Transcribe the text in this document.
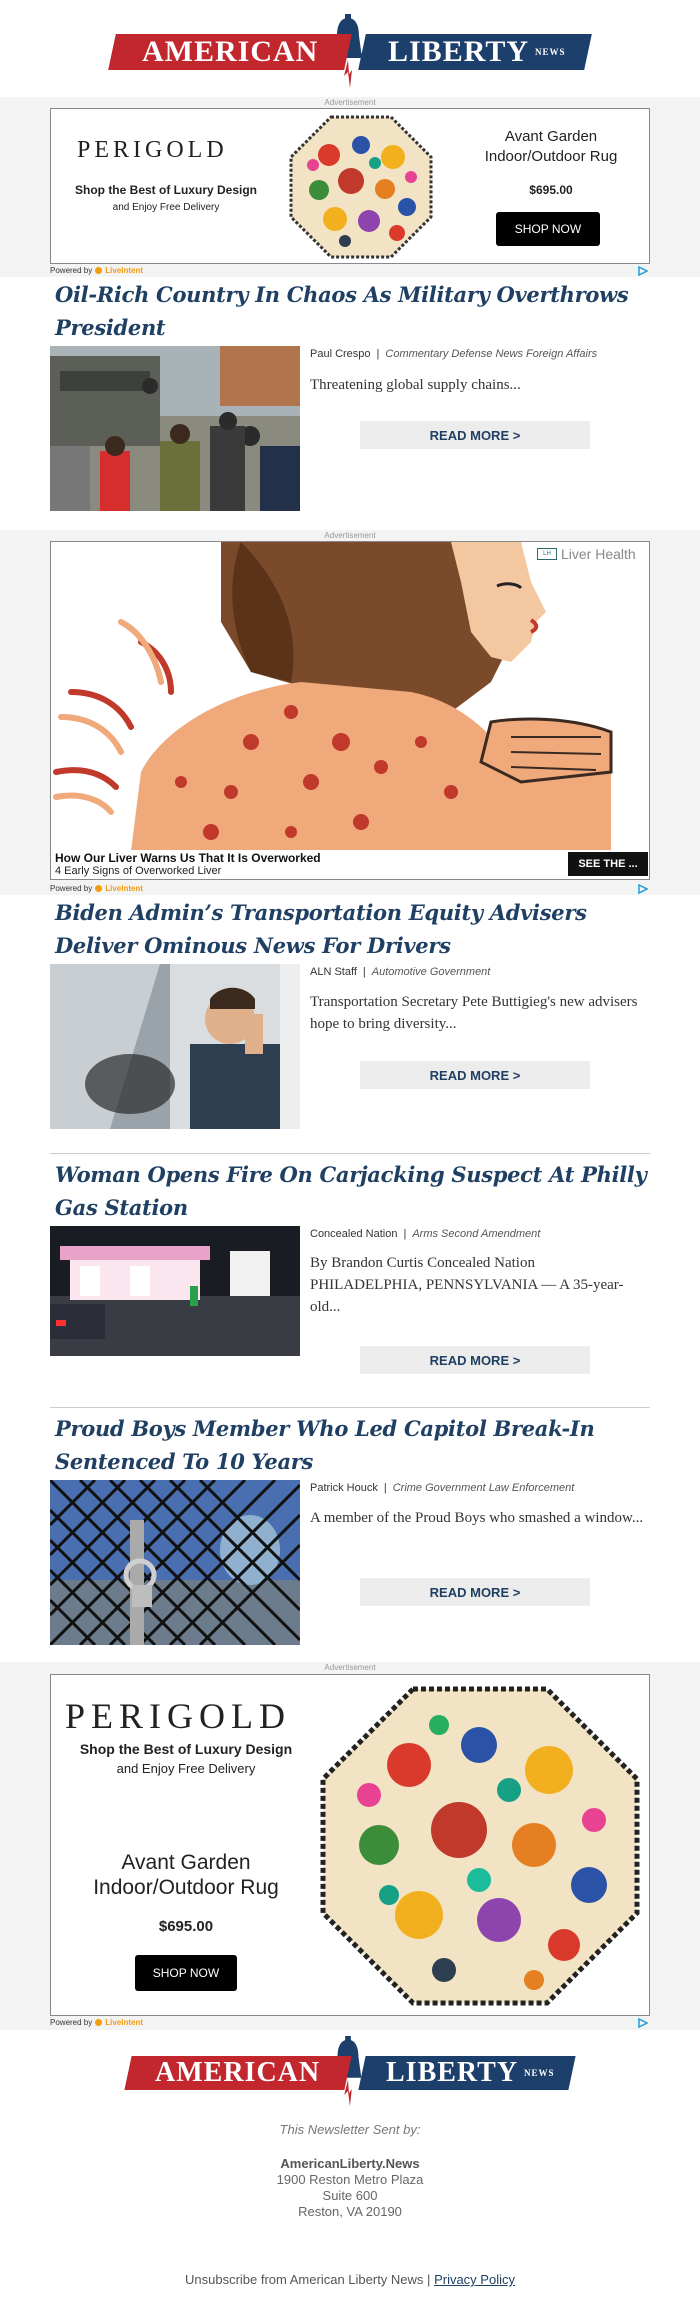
AMERICAN LIBERTY NEWS
Advertisement
PERIGOLD
Shop the Best of Luxury Design
and Enjoy Free Delivery
Avant Garden Indoor/Outdoor Rug
$695.00
SHOP NOW
Powered by LiveIntent
Oil-Rich Country In Chaos As Military Overthrows President
Paul Crespo | Commentary Defense News Foreign Affairs
Threatening global supply chains...
READ MORE >
Advertisement
LH Liver Health
How Our Liver Warns Us That It Is Overworked
4 Early Signs of Overworked Liver
SEE THE ...
Powered by LiveIntent
Biden Admin’s Transportation Equity Advisers Deliver Ominous News For Drivers
ALN Staff | Automotive Government
Transportation Secretary Pete Buttigieg's new advisers hope to bring diversity...
READ MORE >
Woman Opens Fire On Carjacking Suspect At Philly Gas Station
Concealed Nation | Arms Second Amendment
By Brandon Curtis Concealed Nation PHILADELPHIA, PENNSYLVANIA — A 35-year-old...
READ MORE >
Proud Boys Member Who Led Capitol Break-In Sentenced To 10 Years
Patrick Houck | Crime Government Law Enforcement
A member of the Proud Boys who smashed a window...
READ MORE >
Advertisement
PERIGOLD
Shop the Best of Luxury Design
and Enjoy Free Delivery
Avant Garden Indoor/Outdoor Rug
$695.00
SHOP NOW
Powered by LiveIntent
AMERICAN LIBERTY NEWS
This Newsletter Sent by:
AmericanLiberty.News
1900 Reston Metro Plaza
Suite 600
Reston, VA 20190
Unsubscribe from American Liberty News | Privacy Policy
